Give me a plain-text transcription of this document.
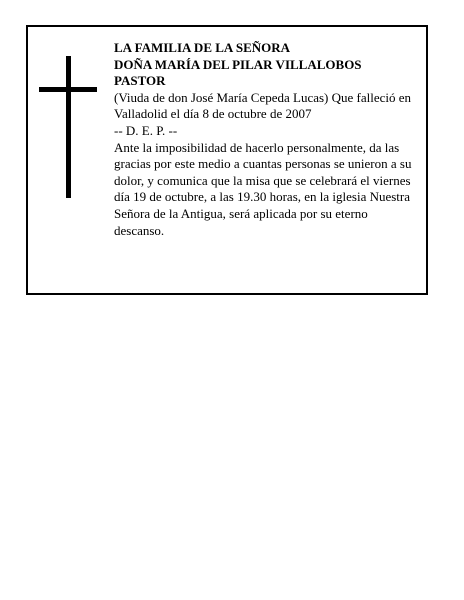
LA FAMILIA DE LA SEÑORA

DOÑA MARÍA DEL PILAR VILLALOBOS

PASTOR

(Viuda de don José María Cepeda Lucas) Que falleció en Valladolid el día 8 de octubre de 2007

-- D. E. P. --

Ante la imposibilidad de hacerlo personalmente, da las gracias por este medio a cuantas personas se unieron a su dolor, y comunica que la misa que se celebrará el viernes día 19 de octubre, a las 19.30 horas, en la iglesia Nuestra Señora de la Antigua, será aplicada por su eterno descanso.
